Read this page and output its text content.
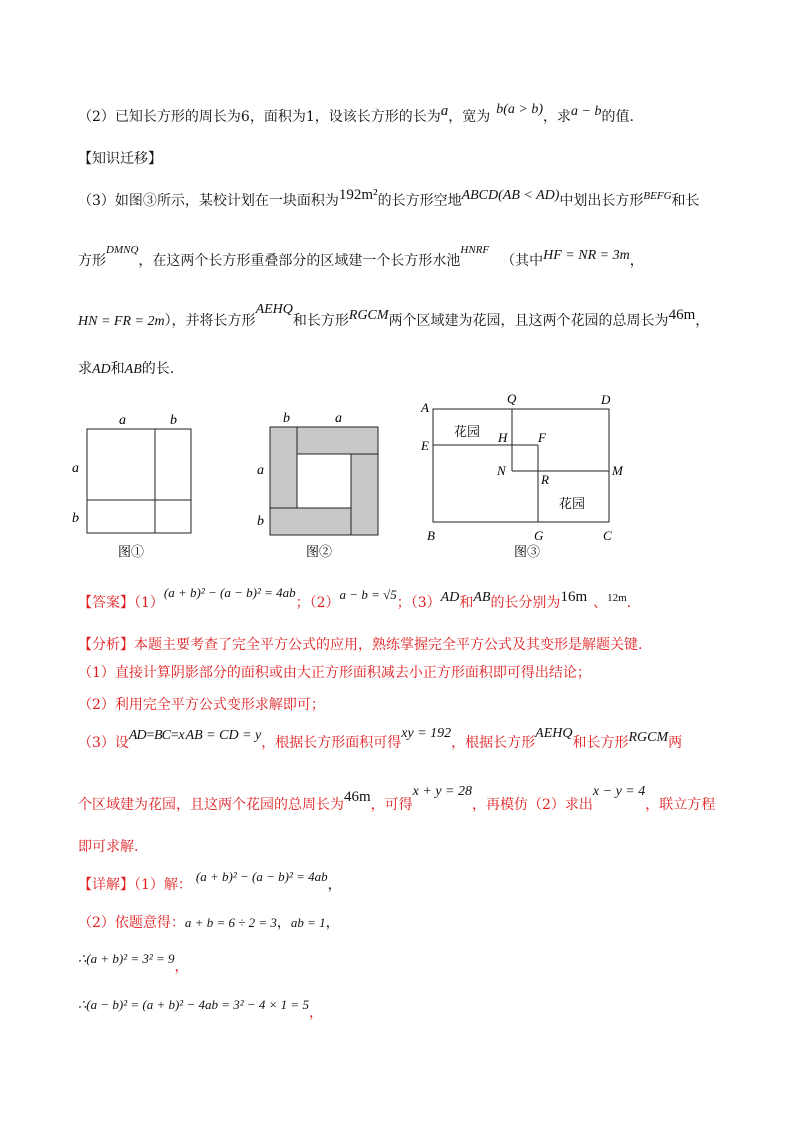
（2）已知长方形的周长为6，面积为1，设该长方形的长为a，宽为 b(a > b)，求a − b的值.
【知识迁移】
（3）如图③所示，某校计划在一块面积为192m²的长方形空地ABCD(AB < AD)中划出长方形$^{BEFG}$和长
方形$^{DMNQ}$，在这两个长方形重叠部分的区域建一个长方形水池$^{HNRF}$（其中HF = NR = 3m，
HN = FR = 2m），并将长方形AEHQ和长方形RGCM两个区域建为花园，且这两个花园的总周长为46m，
求AD和AB的长.
a	b
a
b
图①
b	a
a
b
图②
A
Q	D
E
H F
N	M
R
B	G	C
花园
花园
图③
【答案】（1）(a + b)² − (a − b)² = 4ab；（2）a − b = √5；（3）AD和AB的长分别为16m 、$^{12m}$.
【分析】本题主要考查了完全平方公式的应用，熟练掌握完全平方公式及其变形是解题关键.
（1）直接计算阴影部分的面积或由大正方形面积减去小正方形面积即可得出结论；
（2）利用完全平方公式变形求解即可；
（3）设AD=BC=x AB = CD = y，根据长方形面积可得xy = 192，根据长方形AEHQ和长方形RGCM两
个区域建为花园，且这两个花园的总周长为46m，可得x + y = 28，再模仿（2）求出x − y = 4，联立方程
即可求解.
【详解】（1）解：(a + b)² − (a − b)² = 4ab，
（2）依题意得：a + b = 6 ÷ 2 = 3，ab = 1，
∴(a + b)² = 3² = 9，
∴(a − b)² = (a + b)² − 4ab = 3² − 4 × 1 = 5，
